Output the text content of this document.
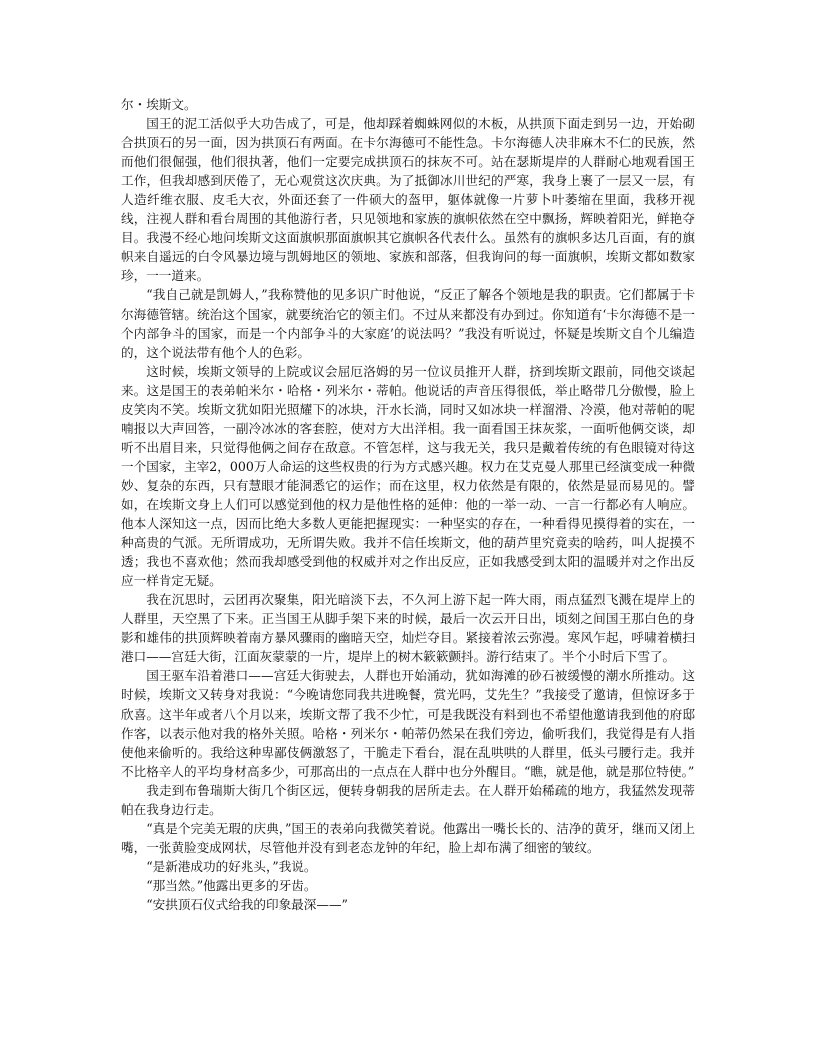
尔・埃斯文。

国王的泥工活似乎大功告成了，可是，他却踩着蜘蛛网似的木板，从拱顶下面走到另一边，开始砌合拱顶石的另一面，因为拱顶石有两面。在卡尔海德可不能性急。卡尔海德人决非麻木不仁的民族，然而他们很倔强，他们很执著，他们一定要完成拱顶石的抹灰不可。站在瑟斯堤岸的人群耐心地观看国王工作，但我却感到厌倦了，无心观赏这次庆典。为了抵御冰川世纪的严寒，我身上裹了一层又一层，有人造纤维衣服、皮毛大衣，外面还套了一件硕大的盔甲，躯体就像一片萝卜叶萎缩在里面，我移开视线，注视人群和看台周围的其他游行者，只见领地和家族的旗帜依然在空中飘扬，辉映着阳光，鲜艳夺目。我漫不经心地问埃斯文这面旗帜那面旗帜其它旗帜各代表什么。虽然有的旗帜多达几百面，有的旗帜来自遥远的白令风暴边境与凯姆地区的领地、家族和部落，但我询问的每一面旗帜，埃斯文都如数家珍，一一道来。

“我自己就是凯姆人，”我称赞他的见多识广时他说，“反正了解各个领地是我的职责。它们都属于卡尔海德管辖。统治这个国家，就要统治它的领主们。不过从来都没有办到过。你知道有‘卡尔海德不是一个内部争斗的国家，而是一个内部争斗的大家庭’的说法吗？”我没有听说过，怀疑是埃斯文自个儿编造的，这个说法带有他个人的色彩。

这时候，埃斯文领导的上院或议会屈厄洛姆的另一位议员推开人群，挤到埃斯文跟前，同他交谈起来。这是国王的表弟帕米尔・哈格・列米尔・蒂帕。他说话的声音压得很低，举止略带几分傲慢，脸上皮笑肉不笑。埃斯文犹如阳光照耀下的冰块，汗水长淌，同时又如冰块一样溜滑、冷漠，他对蒂帕的呢喃报以大声回答，一副冷冰冰的客套腔，使对方大出洋相。我一面看国王抹灰浆，一面听他俩交谈，却听不出眉目来，只觉得他俩之间存在敌意。不管怎样，这与我无关，我只是戴着传统的有色眼镜对待这一个国家，主宰2，000万人命运的这些权贵的行为方式感兴趣。权力在艾克曼人那里已经演变成一种微妙、复杂的东西，只有慧眼才能洞悉它的运作；而在这里，权力依然是有限的，依然是显而易见的。譬如，在埃斯文身上人们可以感觉到他的权力是他性格的延伸：他的一举一动、一言一行都必有人响应。他本人深知这一点，因而比绝大多数人更能把握现实：一种坚实的存在，一种看得见摸得着的实在，一种高贵的气派。无所谓成功，无所谓失败。我并不信任埃斯文，他的葫芦里究竟卖的啥药，叫人捉摸不透；我也不喜欢他；然而我却感受到他的权威并对之作出反应，正如我感受到太阳的温暖并对之作出反应一样肯定无疑。

我在沉思时，云团再次聚集，阳光暗淡下去，不久河上游下起一阵大雨，雨点猛烈飞溅在堤岸上的人群里，天空黑了下来。正当国王从脚手架下来的时候，最后一次云开日出，顷刻之间国王那白色的身影和雄伟的拱顶辉映着南方暴风骤雨的幽暗天空，灿烂夺目。紧接着浓云弥漫。寒风乍起，呼啸着横扫港口——宫廷大街，江面灰蒙蒙的一片，堤岸上的树木簌簌颤抖。游行结束了。半个小时后下雪了。

国王驱车沿着港口——宫廷大街驶去，人群也开始涌动，犹如海滩的砂石被缓慢的潮水所推动。这时候，埃斯文又转身对我说：“今晚请您同我共进晚餐，赏光吗，艾先生？”我接受了邀请，但惊讶多于欣喜。这半年或者八个月以来，埃斯文帮了我不少忙，可是我既没有料到也不希望他邀请我到他的府邸作客，以表示他对我的格外关照。哈格・列米尔・帕蒂仍然呆在我们旁边，偷听我们，我觉得是有人指使他来偷听的。我给这种卑鄙伎俩激怒了，干脆走下看台，混在乱哄哄的人群里，低头弓腰行走。我并不比格辛人的平均身材高多少，可那高出的一点点在人群中也分外醒目。“瞧，就是他，就是那位特使。”

我走到布鲁瑞斯大街几个街区远，便转身朝我的居所走去。在人群开始稀疏的地方，我猛然发现蒂帕在我身边行走。

“真是个完美无瑕的庆典，”国王的表弟向我微笑着说。他露出一嘴长长的、洁净的黄牙，继而又闭上嘴，一张黄脸变成网状，尽管他并没有到老态龙钟的年纪，脸上却布满了细密的皱纹。

“是新港成功的好兆头，”我说。

“那当然。”他露出更多的牙齿。

“安拱顶石仪式给我的印象最深——”
